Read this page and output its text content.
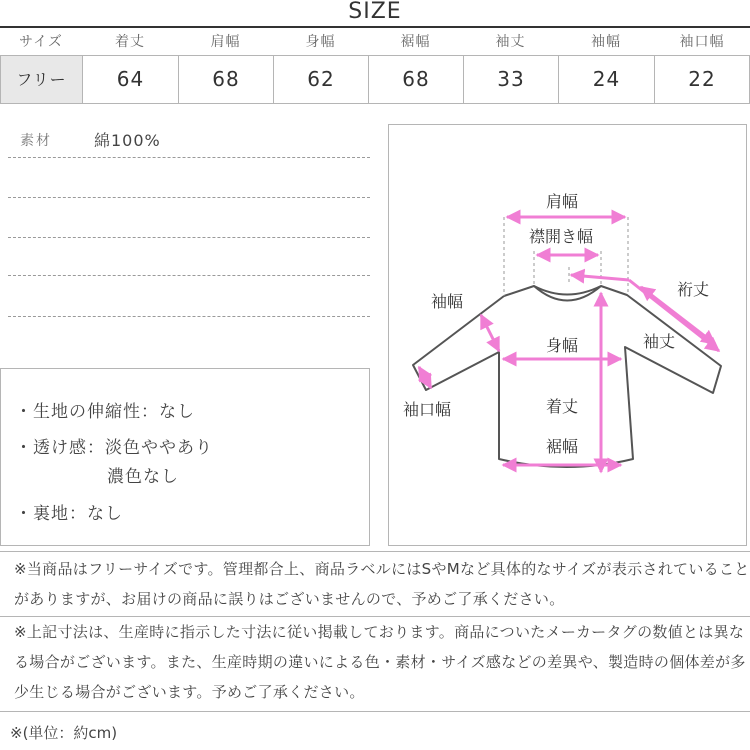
SIZE
サイズ	着丈	肩幅	身幅	裾幅	袖丈	袖幅	袖口幅
フリー	64	68	62	68	33	24	22
素材	綿100%
・生地の伸縮性：なし
・透け感：淡色ややあり
濃色なし
・裏地：なし
肩幅
襟開き幅
裄丈
袖幅
袖丈
身幅
袖口幅	着丈
裾幅
※当商品はフリーサイズです。管理都合上、商品ラベルにはSやMなど具体的なサイズが表示されていることがありますが、お届けの商品に誤りはございませんので、予めご了承ください。
※上記寸法は、生産時に指示した寸法に従い掲載しております。商品についたメーカータグの数値とは異なる場合がございます。また、生産時期の違いによる色・素材・サイズ感などの差異や、製造時の個体差が多少生じる場合がございます。予めご了承ください。
※(単位：約cm)
